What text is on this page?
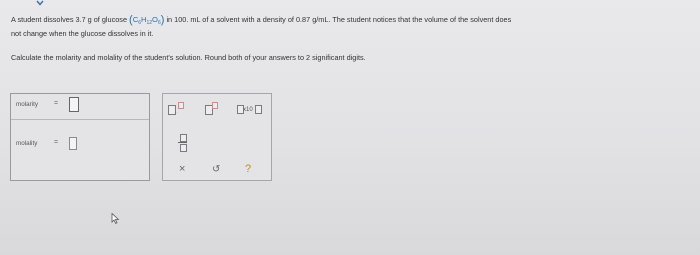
A student dissolves 3.7 g of glucose $(C_6H_{12}O_6)$ in 100. mL of a solvent with a density of 0.87 g/mL. The student notices that the volume of the solvent does
not change when the glucose dissolves in it.
Calculate the molarity and molality of the student's solution. Round both of your answers to 2 significant digits.
molarity =
molality =
.	x10
×	↺ ?
